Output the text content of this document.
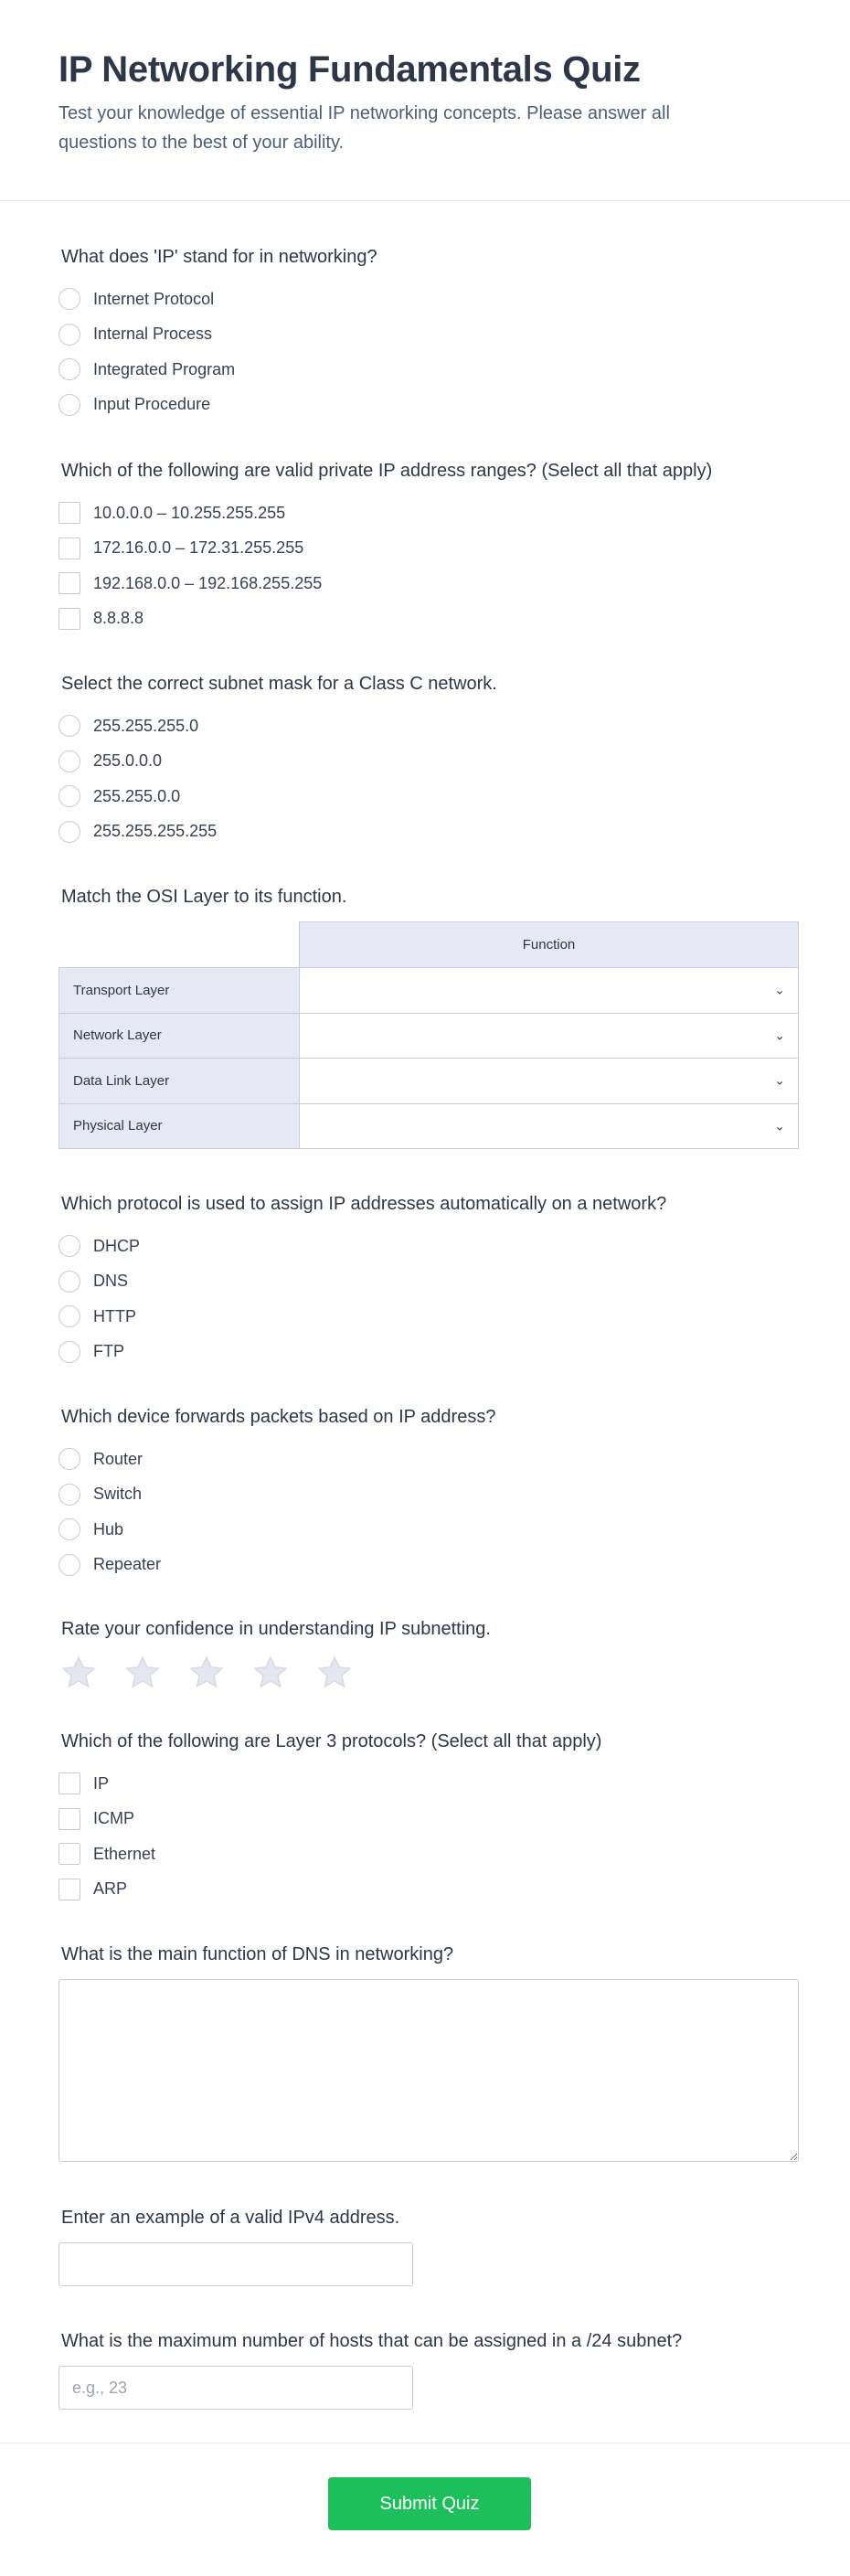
IP Networking Fundamentals Quiz

Test your knowledge of essential IP networking concepts. Please answer all questions to the best of your ability.

What does 'IP' stand for in networking?
Internet Protocol
Internal Process
Integrated Program
Input Procedure
Which of the following are valid private IP address ranges? (Select all that apply)
10.0.0.0 – 10.255.255.255
172.16.0.0 – 172.31.255.255
192.168.0.0 – 192.168.255.255
8.8.8.8
Select the correct subnet mask for a Class C network.
255.255.255.0
255.0.0.0
255.255.0.0
255.255.255.255
Match the OSI Layer to its function.
	Function
Transport Layer	⌄

Network Layer	⌄

Data Link Layer	⌄

Physical Layer	⌄
Which protocol is used to assign IP addresses automatically on a network?
DHCP
DNS
HTTP
FTP
Which device forwards packets based on IP address?
Router
Switch
Hub
Repeater
Rate your confidence in understanding IP subnetting.
Which of the following are Layer 3 protocols? (Select all that apply)
IP
ICMP
Ethernet
ARP
What is the main function of DNS in networking?
Enter an example of a valid IPv4 address.
What is the maximum number of hosts that can be assigned in a /24 subnet?
e.g., 23
Submit Quiz
